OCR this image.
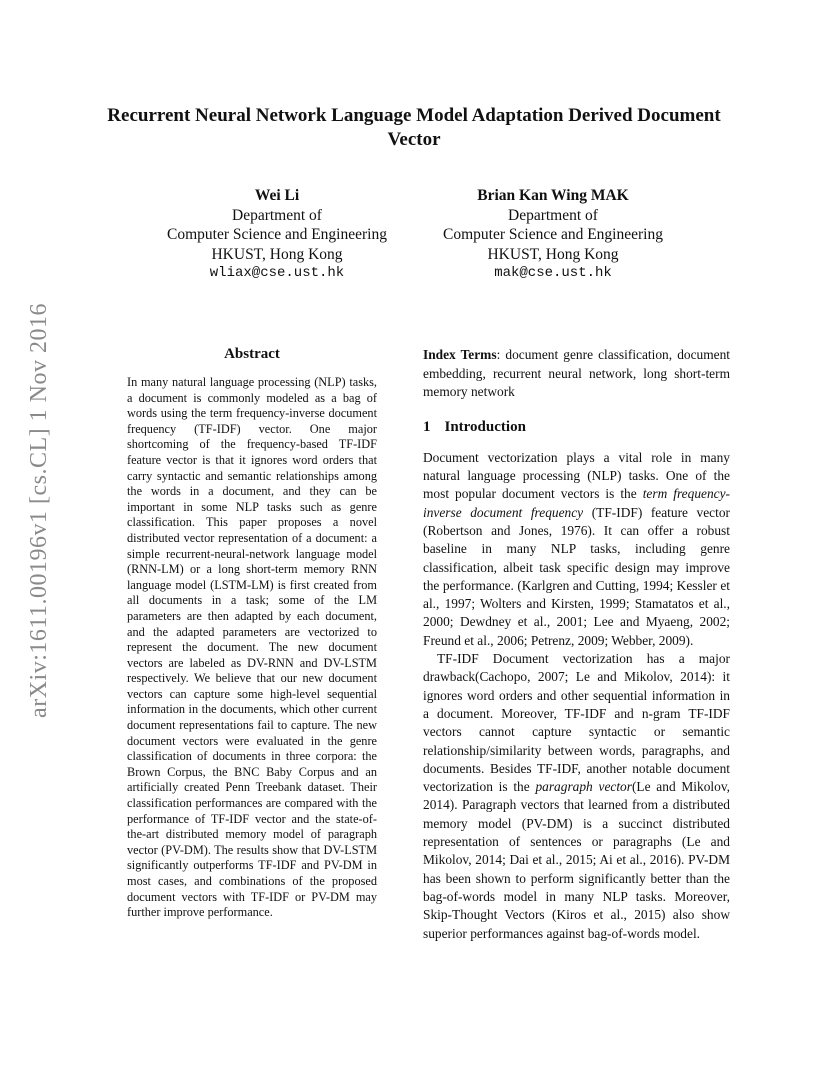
arXiv:1611.00196v1 [cs.CL] 1 Nov 2016
Recurrent Neural Network Language Model Adaptation Derived Document Vector
Wei Li
Department of
Computer Science and Engineering
HKUST, Hong Kong
wliax@cse.ust.hk
Brian Kan Wing MAK
Department of
Computer Science and Engineering
HKUST, Hong Kong
mak@cse.ust.hk
Abstract

In many natural language processing (NLP) tasks, a document is commonly modeled as a bag of words using the term frequency-inverse document frequency (TF-IDF) vector. One major shortcoming of the frequency-based TF-IDF feature vector is that it ignores word orders that carry syntactic and semantic relationships among the words in a document, and they can be important in some NLP tasks such as genre classification. This paper proposes a novel distributed vector representation of a document: a simple recurrent-neural-network language model (RNN-LM) or a long short-term memory RNN language model (LSTM-LM) is first created from all documents in a task; some of the LM parameters are then adapted by each document, and the adapted parameters are vectorized to represent the document. The new document vectors are labeled as DV-RNN and DV-LSTM respectively. We believe that our new document vectors can capture some high-level sequential information in the documents, which other current document representations fail to capture. The new document vectors were evaluated in the genre classification of documents in three corpora: the Brown Corpus, the BNC Baby Corpus and an artificially created Penn Treebank dataset. Their classification performances are compared with the performance of TF-IDF vector and the state-of-the-art distributed memory model of paragraph vector (PV-DM). The results show that DV-LSTM significantly outperforms TF-IDF and PV-DM in most cases, and combinations of the proposed document vectors with TF-IDF or PV-DM may further improve performance.

Index Terms: document genre classification, document embedding, recurrent neural network, long short-term memory network

1 Introduction

Document vectorization plays a vital role in many natural language processing (NLP) tasks. One of the most popular document vectors is the term frequency-inverse document frequency (TF-IDF) feature vector (Robertson and Jones, 1976). It can offer a robust baseline in many NLP tasks, including genre classification, albeit task specific design may improve the performance. (Karlgren and Cutting, 1994; Kessler et al., 1997; Wolters and Kirsten, 1999; Stamatatos et al., 2000; Dewdney et al., 2001; Lee and Myaeng, 2002; Freund et al., 2006; Petrenz, 2009; Webber, 2009).

TF-IDF Document vectorization has a major drawback(Cachopo, 2007; Le and Mikolov, 2014): it ignores word orders and other sequential information in a document. Moreover, TF-IDF and n-gram TF-IDF vectors cannot capture syntactic or semantic relationship/similarity between words, paragraphs, and documents. Besides TF-IDF, another notable document vectorization is the paragraph vector(Le and Mikolov, 2014). Paragraph vectors that learned from a distributed memory model (PV-DM) is a succinct distributed representation of sentences or paragraphs (Le and Mikolov, 2014; Dai et al., 2015; Ai et al., 2016). PV-DM has been shown to perform significantly better than the bag-of-words model in many NLP tasks. Moreover, Skip-Thought Vectors (Kiros et al., 2015) also show superior performances against bag-of-words model.
